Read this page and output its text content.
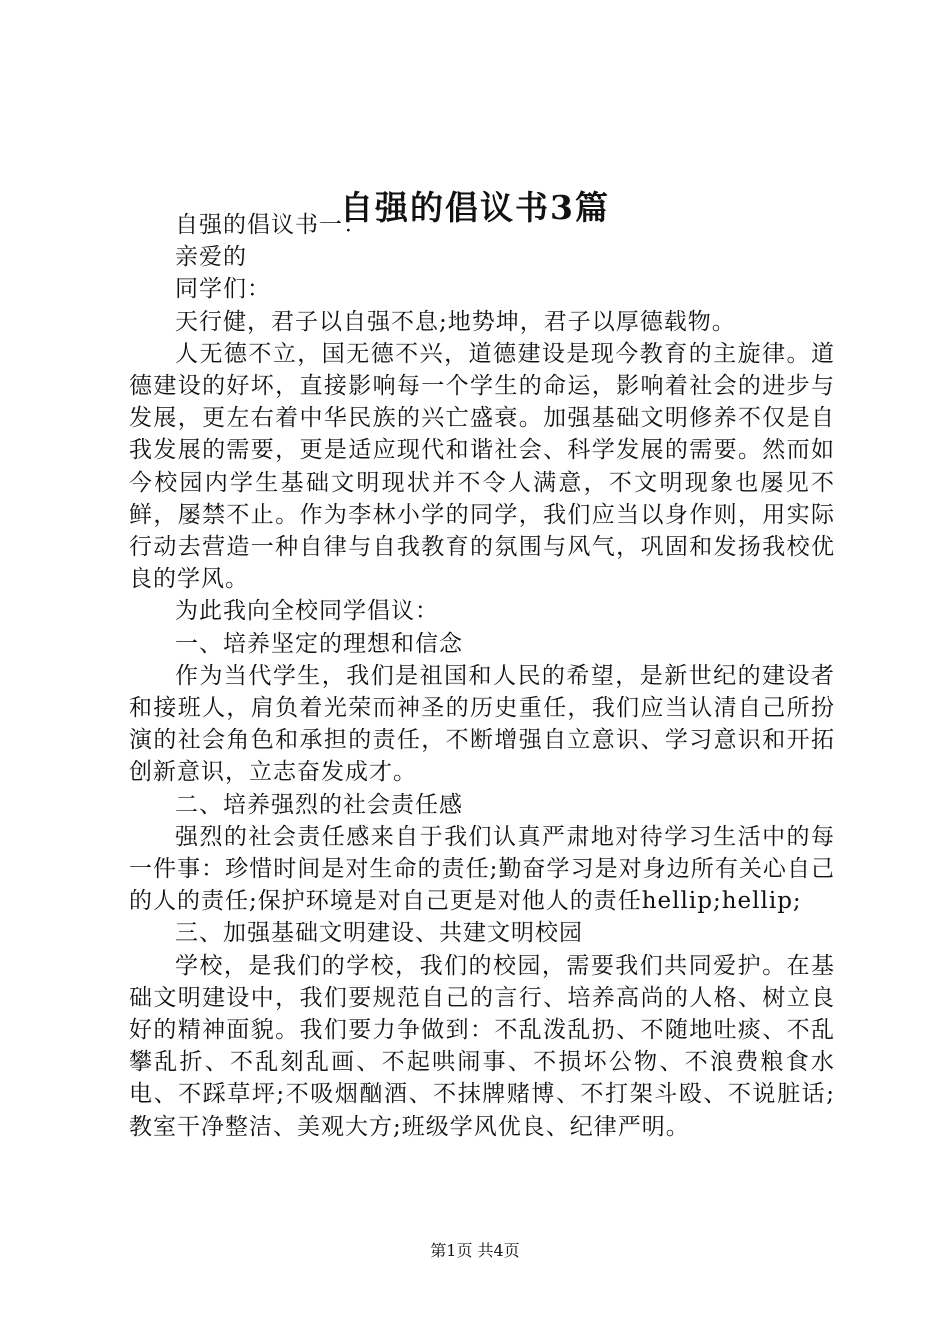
自强的倡议书3篇

自强的倡议书一：

亲爱的

同学们：

天行健，君子以自强不息;地势坤，君子以厚德载物。

人无德不立，国无德不兴，道德建设是现今教育的主旋律。道德建设的好坏，直接影响每一个学生的命运，影响着社会的进步与发展，更左右着中华民族的兴亡盛衰。加强基础文明修养不仅是自我发展的需要，更是适应现代和谐社会、科学发展的需要。然而如今校园内学生基础文明现状并不令人满意，不文明现象也屡见不鲜，屡禁不止。作为李林小学的同学，我们应当以身作则，用实际行动去营造一种自律与自我教育的氛围与风气，巩固和发扬我校优良的学风。

为此我向全校同学倡议：

一、培养坚定的理想和信念

作为当代学生，我们是祖国和人民的希望，是新世纪的建设者和接班人，肩负着光荣而神圣的历史重任，我们应当认清自己所扮演的社会角色和承担的责任，不断增强自立意识、学习意识和开拓创新意识，立志奋发成才。

二、培养强烈的社会责任感

强烈的社会责任感来自于我们认真严肃地对待学习生活中的每一件事：珍惜时间是对生命的责任;勤奋学习是对身边所有关心自己的人的责任;保护环境是对自己更是对他人的责任hellip;hellip;

三、加强基础文明建设、共建文明校园

学校，是我们的学校，我们的校园，需要我们共同爱护。在基础文明建设中，我们要规范自己的言行、培养高尚的人格、树立良好的精神面貌。我们要力争做到：不乱泼乱扔、不随地吐痰、不乱攀乱折、不乱刻乱画、不起哄闹事、不损坏公物、不浪费粮食水电、不踩草坪;不吸烟酗酒、不抹牌赌博、不打架斗殴、不说脏话;教室干净整洁、美观大方;班级学风优良、纪律严明。

第1页 共4页
